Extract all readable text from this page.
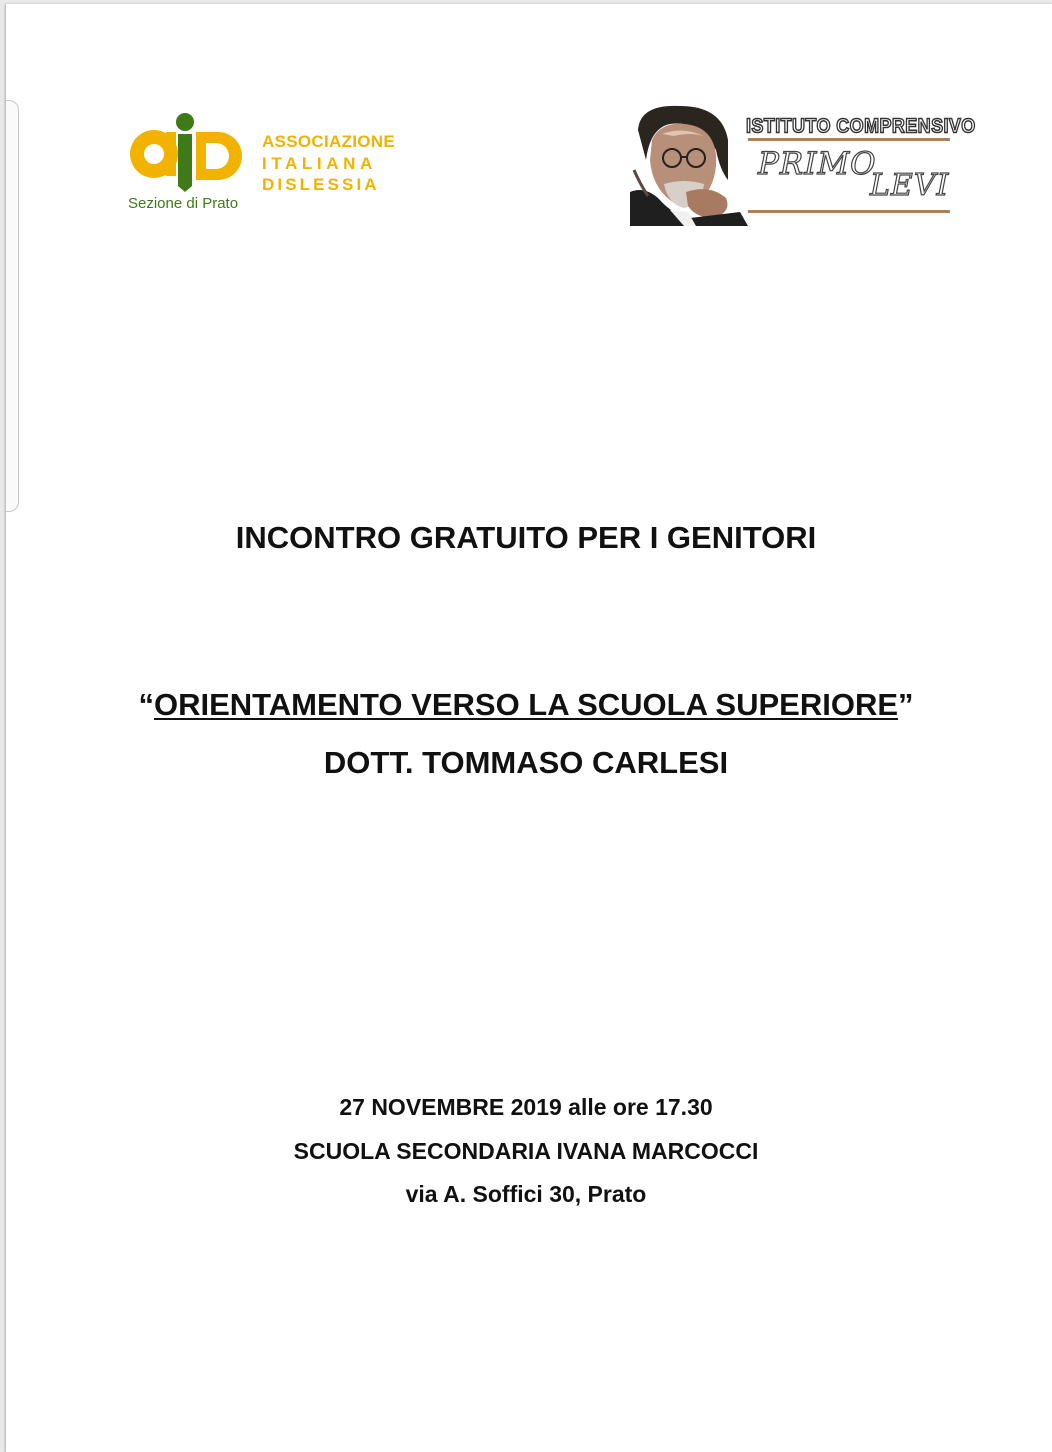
ASSOCIAZIONE
ITALIANA
DISLESSIA
Sezione di Prato
ISTITUTO COMPRENSIVO
PRIMO
LEVI
INCONTRO GRATUITO PER I GENITORI
“ORIENTAMENTO VERSO LA SCUOLA SUPERIORE”
DOTT. TOMMASO CARLESI
27 NOVEMBRE 2019 alle ore 17.30
SCUOLA SECONDARIA IVANA MARCOCCI
via A. Soffici 30, Prato
